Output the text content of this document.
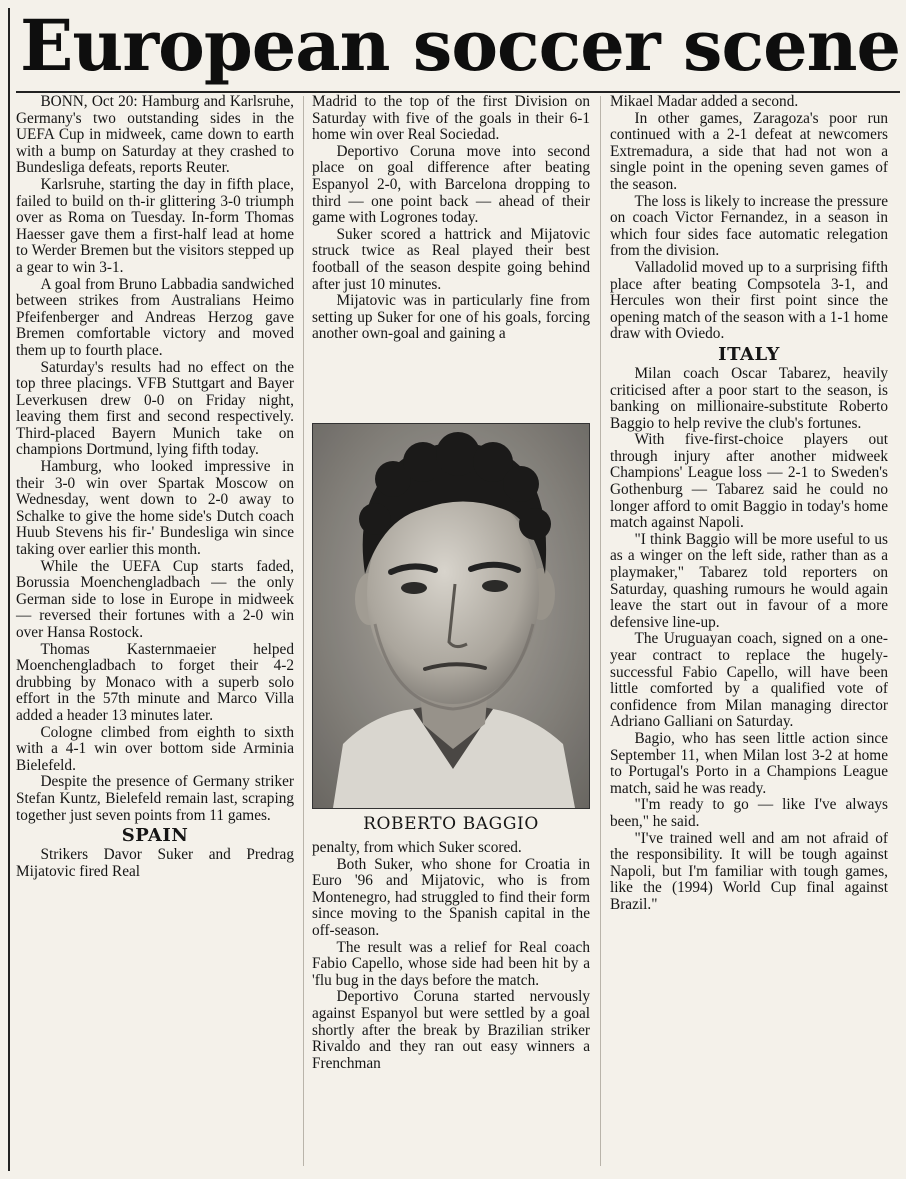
European soccer scene

BONN, Oct 20: Hamburg and Karlsruhe, Germany's two outstanding sides in the UEFA Cup in midweek, came down to earth with a bump on Saturday at they crashed to Bundesliga defeats, reports Reuter.

Karlsruhe, starting the day in fifth place, failed to build on th‐ir glittering 3-0 triumph over as Roma on Tuesday. In-form Thomas Haesser gave them a first-half lead at home to Werder Bremen but the visitors stepped up a gear to win 3-1.

A goal from Bruno Labbadia sandwiched between strikes from Australians Heimo Pfeifenberger and Andreas Herzog gave Bremen comfortable victory and moved them up to fourth place.

Saturday's results had no effect on the top three placings. VFB Stuttgart and Bayer Leverkusen drew 0-0 on Friday night, leaving them first and second respectively. Third-placed Bayern Munich take on champions Dortmund, lying fifth today.

Hamburg, who looked impressive in their 3-0 win over Spartak Moscow on Wednesday, went down to 2-0 away to Schalke to give the home side's Dutch coach Huub Stevens his fir‐' Bundesliga win since taking over earlier this month.

While the UEFA Cup starts faded, Borussia Moenchengladbach — the only German side to lose in Europe in midweek — reversed their fortunes with a 2-0 win over Hansa Rostock.

Thomas Kasternmaeier helped Moenchengladbach to forget their 4-2 drubbing by Monaco with a superb solo effort in the 57th minute and Marco Villa added a header 13 minutes later.

Cologne climbed from eighth to sixth with a 4-1 win over bottom side Arminia Bielefeld.

Despite the presence of Germany striker Stefan Kuntz, Bielefeld remain last, scraping together just seven points from 11 games.

SPAIN

Strikers Davor Suker and Predrag Mijatovic fired Real

Madrid to the top of the first Division on Saturday with five of the goals in their 6-1 home win over Real Sociedad.

Deportivo Coruna move into second place on goal difference after beating Espanyol 2-0, with Barcelona dropping to third — one point back — ahead of their game with Logrones today.

Suker scored a hattrick and Mijatovic struck twice as Real played their best football of the season despite going behind after just 10 minutes.

Mijatovic was in particularly fine from setting up Suker for one of his goals, forcing another own-goal and gaining a

ROBERTO BAGGIO

penalty, from which Suker scored.

Both Suker, who shone for Croatia in Euro '96 and Mijatovic, who is from Montenegro, had struggled to find their form since moving to the Spanish capital in the off-season.

The result was a relief for Real coach Fabio Capello, whose side had been hit by a 'flu bug in the days before the match.

Deportivo Coruna started nervously against Espanyol but were settled by a goal shortly after the break by Brazilian striker Rivaldo and they ran out easy winners a Frenchman

Mikael Madar added a second.

In other games, Zaragoza's poor run continued with a 2-1 defeat at newcomers Extremadura, a side that had not won a single point in the opening seven games of the season.

The loss is likely to increase the pressure on coach Victor Fernandez, in a season in which four sides face automatic relegation from the division.

Valladolid moved up to a surprising fifth place after beating Compsotela 3-1, and Hercules won their first point since the opening match of the season with a 1-1 home draw with Oviedo.

ITALY

Milan coach Oscar Tabarez, heavily criticised after a poor start to the season, is banking on millionaire-substitute Roberto Baggio to help revive the club's fortunes.

With five-first-choice players out through injury after another midweek Champions' League loss — 2-1 to Sweden's Gothenburg — Tabarez said he could no longer afford to omit Baggio in today's home match against Napoli.

"I think Baggio will be more useful to us as a winger on the left side, rather than as a playmaker," Tabarez told reporters on Saturday, quashing rumours he would again leave the start out in favour of a more defensive line-up.

The Uruguayan coach, signed on a one-year contract to replace the hugely-successful Fabio Capello, will have been little comforted by a qualified vote of confidence from Milan managing director Adriano Galliani on Saturday.

Bagio, who has seen little action since September 11, when Milan lost 3-2 at home to Portugal's Porto in a Champions League match, said he was ready.

"I'm ready to go — like I've always been," he said.

"I've trained well and am not afraid of the responsibility. It will be tough against Napoli, but I'm familiar with tough games, like the (1994) World Cup final against Brazil."
